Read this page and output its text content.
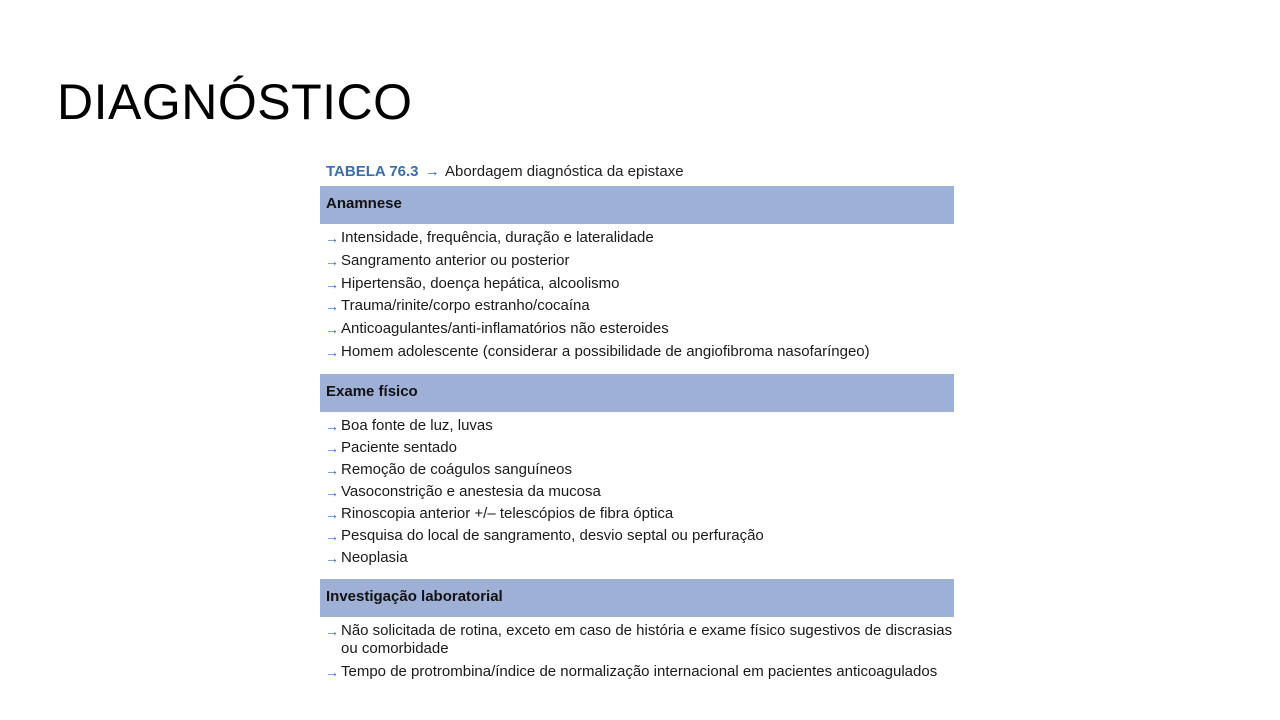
DIAGNÓSTICO
TABELA 76.3 → Abordagem diagnóstica da epistaxe
Anamnese
→ Intensidade, frequência, duração e lateralidade
→ Sangramento anterior ou posterior
→ Hipertensão, doença hepática, alcoolismo
→ Trauma/rinite/corpo estranho/cocaína
→ Anticoagulantes/anti-inflamatórios não esteroides
→ Homem adolescente (considerar a possibilidade de angiofibroma nasofaríngeo)
Exame físico
→ Boa fonte de luz, luvas
→ Paciente sentado
→ Remoção de coágulos sanguíneos
→ Vasoconstrição e anestesia da mucosa
→ Rinoscopia anterior +/– telescópios de fibra óptica
→ Pesquisa do local de sangramento, desvio septal ou perfuração
→ Neoplasia
Investigação laboratorial
→ Não solicitada de rotina, exceto em caso de história e exame físico sugestivos de discrasias ou comorbidade
→ Tempo de protrombina/índice de normalização internacional em pacientes anticoagulados
